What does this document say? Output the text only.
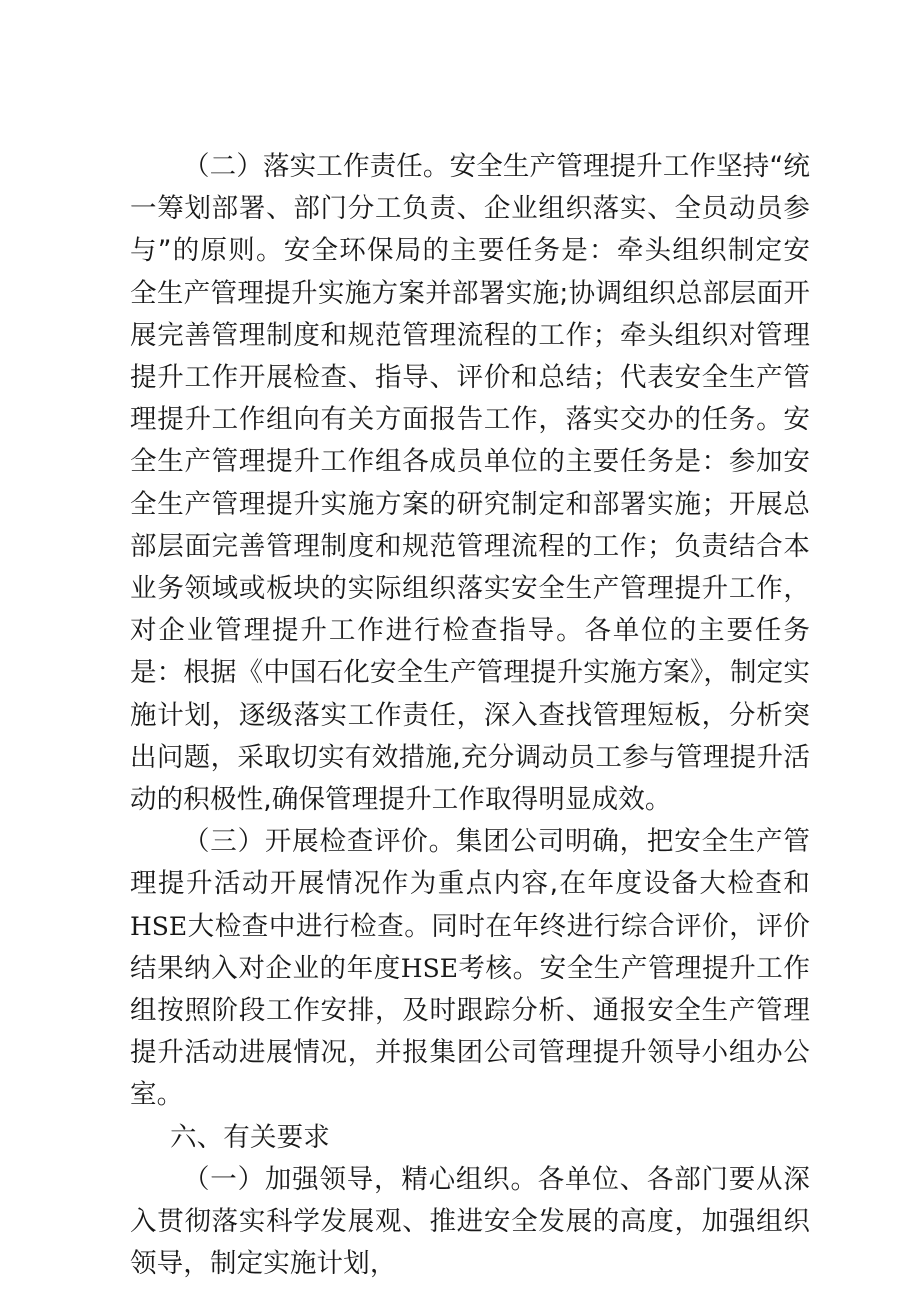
（二）落实工作责任。安全生产管理提升工作坚持“统一筹划部署、部门分工负责、企业组织落实、全员动员参与”的原则。安全环保局的主要任务是：牵头组织制定安全生产管理提升实施方案并部署实施;协调组织总部层面开展完善管理制度和规范管理流程的工作；牵头组织对管理提升工作开展检查、指导、评价和总结；代表安全生产管理提升工作组向有关方面报告工作，落实交办的任务。安全生产管理提升工作组各成员单位的主要任务是：参加安全生产管理提升实施方案的研究制定和部署实施；开展总部层面完善管理制度和规范管理流程的工作；负责结合本业务领域或板块的实际组织落实安全生产管理提升工作，对企业管理提升工作进行检查指导。各单位的主要任务是：根据《中国石化安全生产管理提升实施方案》，制定实施计划，逐级落实工作责任，深入查找管理短板，分析突出问题，采取切实有效措施,充分调动员工参与管理提升活动的积极性,确保管理提升工作取得明显成效。

（三）开展检查评价。集团公司明确，把安全生产管理提升活动开展情况作为重点内容,在年度设备大检查和HSE大检查中进行检查。同时在年终进行综合评价，评价结果纳入对企业的年度HSE考核。安全生产管理提升工作组按照阶段工作安排，及时跟踪分析、通报安全生产管理提升活动进展情况，并报集团公司管理提升领导小组办公室。

六、有关要求

（一）加强领导，精心组织。各单位、各部门要从深入贯彻落实科学发展观、推进安全发展的高度，加强组织领导，制定实施计划，
